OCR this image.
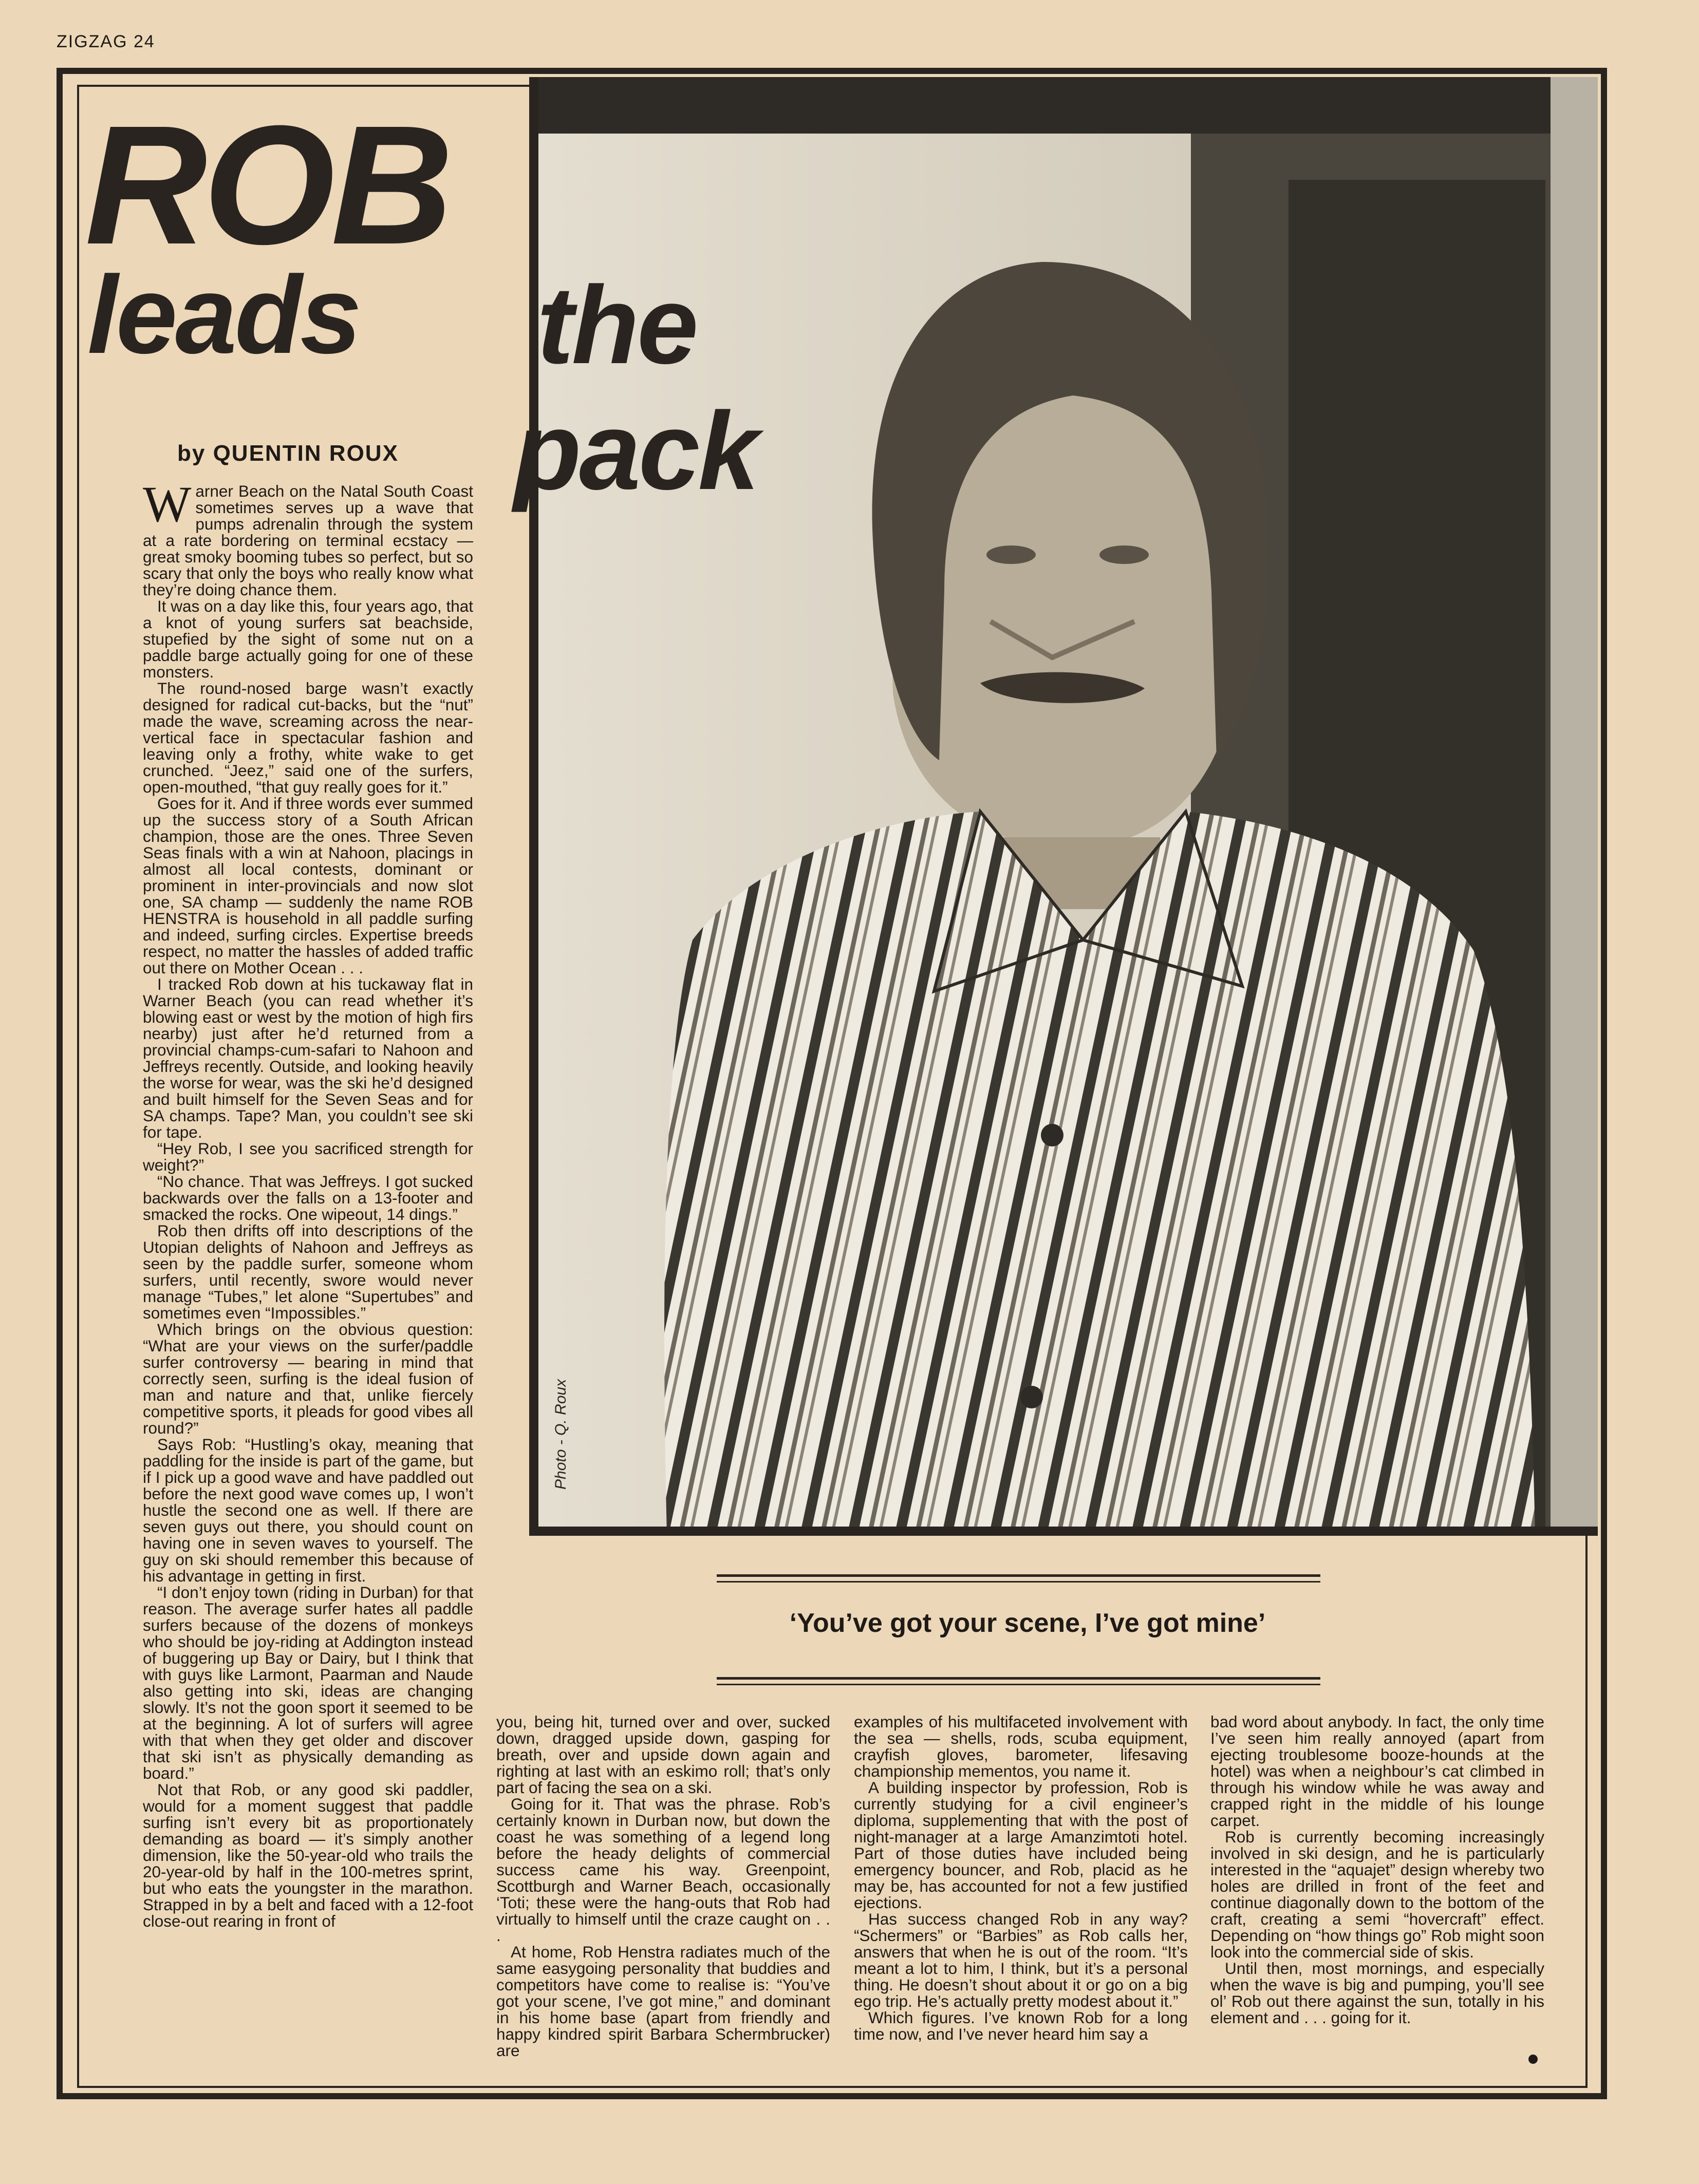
ZIGZAG 24
Photo - Q. Roux
ROB
leads the
pack
by QUENTIN ROUX

Warner Beach on the Natal South Coast sometimes serves up a wave that pumps adrenalin through the system at a rate bordering on terminal ecstacy — great smoky booming tubes so perfect, but so scary that only the boys who really know what they’re doing chance them.

It was on a day like this, four years ago, that a knot of young surfers sat beachside, stupefied by the sight of some nut on a paddle barge actually going for one of these monsters.

The round-nosed barge wasn’t exactly designed for radical cut-backs, but the “nut” made the wave, screaming across the near-vertical face in spectacular fashion and leaving only a frothy, white wake to get crunched. “Jeez,” said one of the surfers, open-mouthed, “that guy really goes for it.”

Goes for it. And if three words ever summed up the success story of a South African champion, those are the ones. Three Seven Seas finals with a win at Nahoon, placings in almost all local contests, dominant or prominent in inter-provincials and now slot one, SA champ — suddenly the name ROB HENSTRA is household in all paddle surfing and indeed, surfing circles. Expertise breeds respect, no matter the hassles of added traffic out there on Mother Ocean . . .

I tracked Rob down at his tuckaway flat in Warner Beach (you can read whether it’s blowing east or west by the motion of high firs nearby) just after he’d returned from a provincial champs-cum-safari to Nahoon and Jeffreys recently. Outside, and looking heavily the worse for wear, was the ski he’d designed and built himself for the Seven Seas and for SA champs. Tape? Man, you couldn’t see ski for tape.

“Hey Rob, I see you sacrificed strength for weight?”

“No chance. That was Jeffreys. I got sucked backwards over the falls on a 13-footer and smacked the rocks. One wipeout, 14 dings.”

Rob then drifts off into descriptions of the Utopian delights of Nahoon and Jeffreys as seen by the paddle surfer, someone whom surfers, until recently, swore would never manage “Tubes,” let alone “Supertubes” and sometimes even “Impossibles.”

Which brings on the obvious question: “What are your views on the surfer/paddle surfer controversy — bearing in mind that correctly seen, surfing is the ideal fusion of man and nature and that, unlike fiercely competitive sports, it pleads for good vibes all round?”

Says Rob: “Hustling’s okay, meaning that paddling for the inside is part of the game, but if I pick up a good wave and have paddled out before the next good wave comes up, I won’t hustle the second one as well. If there are seven guys out there, you should count on having one in seven waves to yourself. The guy on ski should remember this because of his advantage in getting in first.

“I don’t enjoy town (riding in Durban) for that reason. The average surfer hates all paddle surfers because of the dozens of monkeys who should be joy-riding at Addington instead of buggering up Bay or Dairy, but I think that with guys like Larmont, Paarman and Naude also getting into ski, ideas are changing slowly. It’s not the goon sport it seemed to be at the beginning. A lot of surfers will agree with that when they get older and discover that ski isn’t as physically demanding as board.”

Not that Rob, or any good ski paddler, would for a moment suggest that paddle surfing isn’t every bit as proportionately demanding as board — it’s simply another dimension, like the 50-year-old who trails the 20-year-old by half in the 100-metres sprint, but who eats the youngster in the marathon. Strapped in by a belt and faced with a 12-foot close-out rearing in front of

‘You’ve got your scene, I’ve got mine’

you, being hit, turned over and over, sucked down, dragged upside down, gasping for breath, over and upside down again and righting at last with an eskimo roll; that’s only part of facing the sea on a ski.

Going for it. That was the phrase. Rob’s certainly known in Durban now, but down the coast he was something of a legend long before the heady delights of commercial success came his way. Greenpoint, Scottburgh and Warner Beach, occasionally ‘Toti; these were the hang-outs that Rob had virtually to himself until the craze caught on . . .

At home, Rob Henstra radiates much of the same easygoing personality that buddies and competitors have come to realise is: “You’ve got your scene, I’ve got mine,” and dominant in his home base (apart from friendly and happy kindred spirit Barbara Schermbrucker) are

examples of his multifaceted involvement with the sea — shells, rods, scuba equipment, crayfish gloves, barometer, lifesaving championship mementos, you name it.

A building inspector by profession, Rob is currently studying for a civil engineer’s diploma, supplementing that with the post of night-manager at a large Amanzimtoti hotel. Part of those duties have included being emergency bouncer, and Rob, placid as he may be, has accounted for not a few justified ejections.

Has success changed Rob in any way? “Schermers” or “Barbies” as Rob calls her, answers that when he is out of the room. “It’s meant a lot to him, I think, but it’s a personal thing. He doesn’t shout about it or go on a big ego trip. He’s actually pretty modest about it.”

Which figures. I’ve known Rob for a long time now, and I’ve never heard him say a

bad word about anybody. In fact, the only time I’ve seen him really annoyed (apart from ejecting troublesome booze-hounds at the hotel) was when a neighbour’s cat climbed in through his window while he was away and crapped right in the middle of his lounge carpet.

Rob is currently becoming increasingly involved in ski design, and he is particularly interested in the “aquajet” design whereby two holes are drilled in front of the feet and continue diagonally down to the bottom of the craft, creating a semi “hovercraft” effect. Depending on “how things go” Rob might soon look into the commercial side of skis.

Until then, most mornings, and especially when the wave is big and pumping, you’ll see ol’ Rob out there against the sun, totally in his element and . . . going for it.
